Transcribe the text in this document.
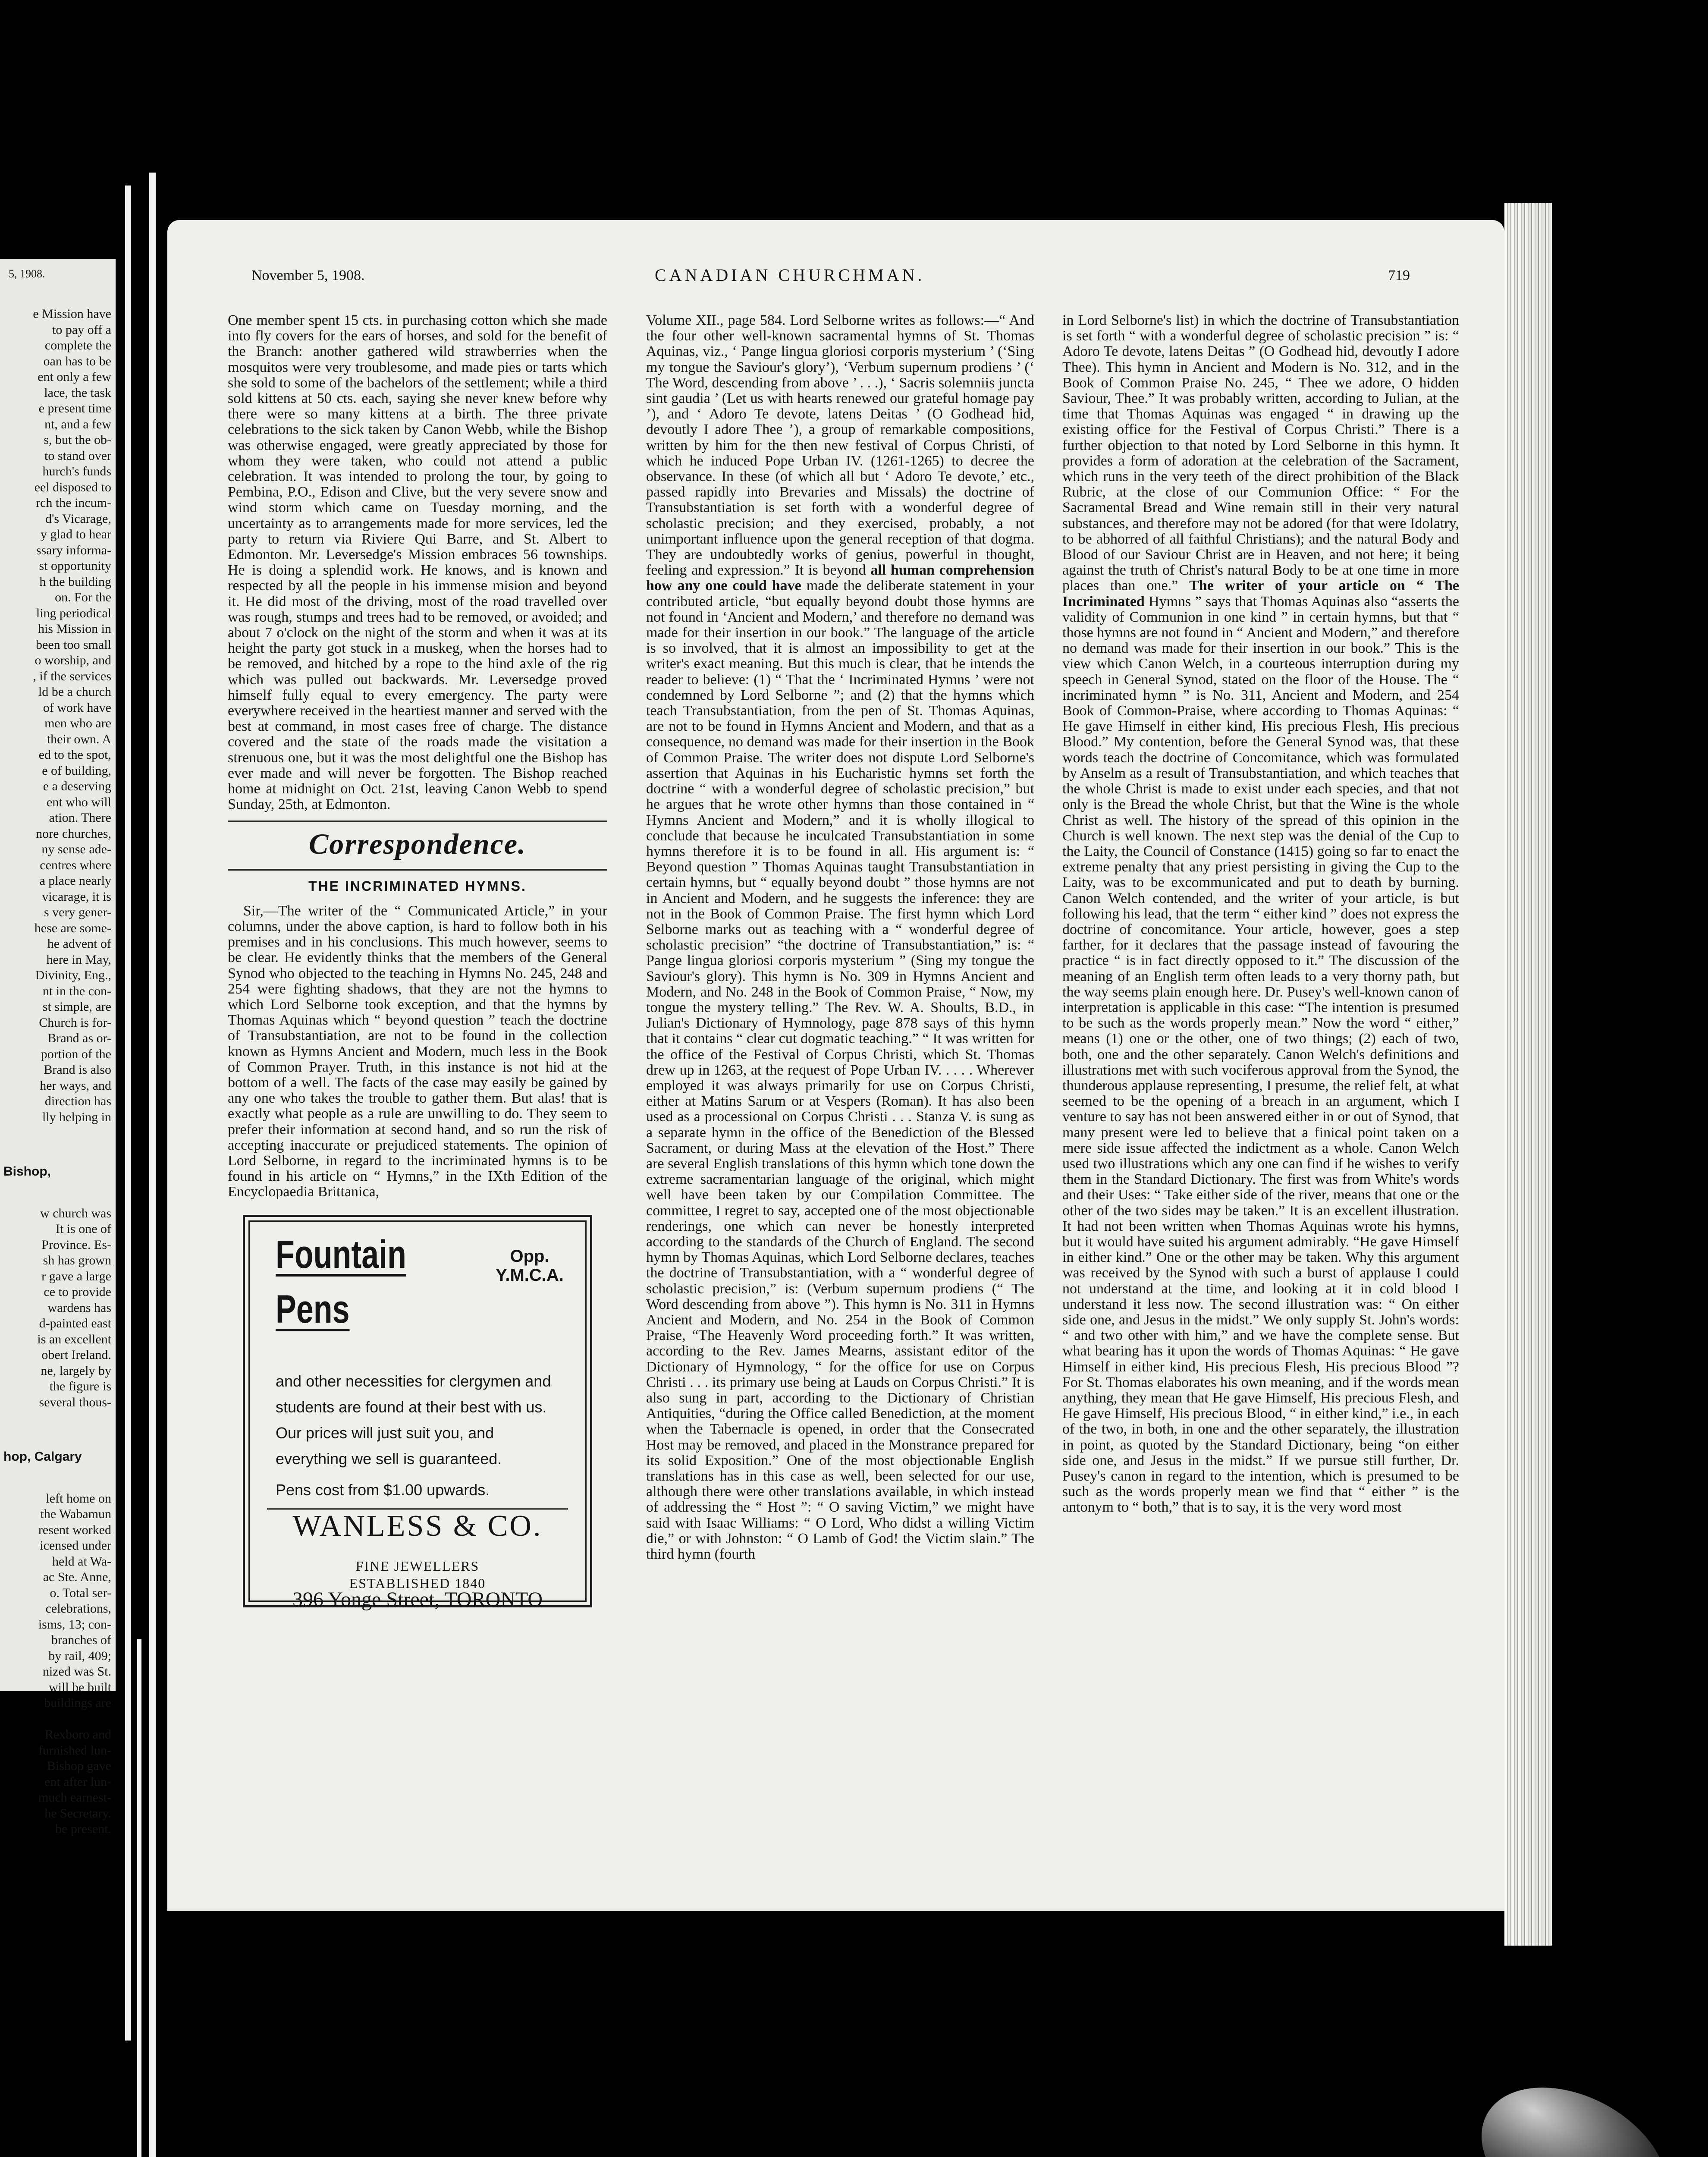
5, 1908.

e Mission have

to pay off a

complete the

oan has to be

ent only a few

lace, the task

e present time

nt, and a few

s, but the ob-

to stand over

hurch's funds

eel disposed to

rch the incum-

d's Vicarage,

y glad to hear

ssary informa-

st opportunity

h the building

on. For the

ling periodical

his Mission in

been too small

o worship, and

, if the services

ld be a church

of work have

men who are

their own. A

ed to the spot,

e of building,

e a deserving

ent who will

ation. There

nore churches,

ny sense ade-

centres where

a place nearly

vicarage, it is

s very gener-

hese are some-

he advent of

here in May,

Divinity, Eng.,

nt in the con-

st simple, are

Church is for-

Brand as or-

portion of the

Brand is also

her ways, and

direction has

lly helping in

Bishop,

w church was

It is one of

Province. Es-

sh has grown

r gave a large

ce to provide

wardens has

d-painted east

is an excellent

obert Ireland.

ne, largely by

the figure is

several thous-

hop, Calgary

left home on

the Wabamun

resent worked

icensed under

held at Wa-

ac Ste. Anne,

o. Total ser-

celebrations,

isms, 13; con-

branches of

by rail, 409;

nized was St.

will be built

buildings are

Rexboro and

furnished lun-

Bishop gave

ent after lun-

much earnest-

he Secretary.

be present.

November 5, 1908.	CANADIAN CHURCHMAN.	719

One member spent 15 cts. in purchasing cotton which she made into fly covers for the ears of horses, and sold for the benefit of the Branch: another gathered wild strawberries when the mosquitos were very troublesome, and made pies or tarts which she sold to some of the bachelors of the settlement; while a third sold kittens at 50 cts. each, saying she never knew before why there were so many kittens at a birth. The three private celebrations to the sick taken by Canon Webb, while the Bishop was otherwise engaged, were greatly appreciated by those for whom they were taken, who could not attend a public celebration. It was intended to prolong the tour, by going to Pembina, P.O., Edison and Clive, but the very severe snow and wind storm which came on Tuesday morning, and the uncertainty as to arrangements made for more services, led the party to return via Riviere Qui Barre, and St. Albert to Edmonton. Mr. Leversedge's Mission embraces 56 townships. He is doing a splendid work. He knows, and is known and respected by all the people in his immense mision and beyond it. He did most of the driving, most of the road travelled over was rough, stumps and trees had to be removed, or avoided; and about 7 o'clock on the night of the storm and when it was at its height the party got stuck in a muskeg, when the horses had to be removed, and hitched by a rope to the hind axle of the rig which was pulled out backwards. Mr. Leversedge proved himself fully equal to every emergency. The party were everywhere received in the heartiest manner and served with the best at command, in most cases free of charge. The distance covered and the state of the roads made the visitation a strenuous one, but it was the most delightful one the Bishop has ever made and will never be forgotten. The Bishop reached home at midnight on Oct. 21st, leaving Canon Webb to spend Sunday, 25th, at Edmonton.

Correspondence.
THE INCRIMINATED HYMNS.

Sir,—The writer of the “ Communicated Article,” in your columns, under the above caption, is hard to follow both in his premises and in his conclusions. This much however, seems to be clear. He evidently thinks that the members of the General Synod who objected to the teaching in Hymns No. 245, 248 and 254 were fighting shadows, that they are not the hymns to which Lord Selborne took exception, and that the hymns by Thomas Aquinas which “ beyond question ” teach the doctrine of Transubstantiation, are not to be found in the collection known as Hymns Ancient and Modern, much less in the Book of Common Prayer. Truth, in this instance is not hid at the bottom of a well. The facts of the case may easily be gained by any one who takes the trouble to gather them. But alas! that is exactly what people as a rule are unwilling to do. They seem to prefer their information at second hand, and so run the risk of accepting inaccurate or prejudiced statements. The opinion of Lord Selborne, in regard to the incriminated hymns is to be found in his article on “ Hymns,” in the IXth Edition of the Encyclopaedia Brittanica,

Fountain	Opp. Y.M.C.A.
Pens
and other necessities for clergymen and students are found at their best with us. Our prices will just suit you, and everything we sell is guaranteed.
Pens cost from $1.00 upwards.
WANLESS & CO.
FINE JEWELLERS
ESTABLISHED 1840
396 Yonge Street, TORONTO

Volume XII., page 584. Lord Selborne writes as follows:—“ And the four other well-known sacramental hymns of St. Thomas Aquinas, viz., ‘ Pange lingua gloriosi corporis mysterium ’ (‘Sing my tongue the Saviour's glory’), ‘Verbum supernum prodiens ’ (‘ The Word, descending from above ’ . . .), ‘ Sacris solemniis juncta sint gaudia ’ (Let us with hearts renewed our grateful homage pay ’), and ‘ Adoro Te devote, latens Deitas ’ (O Godhead hid, devoutly I adore Thee ’), a group of remarkable compositions, written by him for the then new festival of Corpus Christi, of which he induced Pope Urban IV. (1261-1265) to decree the observance. In these (of which all but ‘ Adoro Te devote,’ etc., passed rapidly into Brevaries and Missals) the doctrine of Transubstantiation is set forth with a wonderful degree of scholastic precision; and they exercised, probably, a not unimportant influence upon the general reception of that dogma. They are undoubtedly works of genius, powerful in thought, feeling and expression.” It is beyond all human comprehension how any one could have made the deliberate statement in your contributed article, “but equally beyond doubt those hymns are not found in ‘Ancient and Modern,’ and therefore no demand was made for their insertion in our book.” The language of the article is so involved, that it is almost an impossibility to get at the writer's exact meaning. But this much is clear, that he intends the reader to believe: (1) “ That the ‘ Incriminated Hymns ’ were not condemned by Lord Selborne ”; and (2) that the hymns which teach Transubstantiation, from the pen of St. Thomas Aquinas, are not to be found in Hymns Ancient and Modern, and that as a consequence, no demand was made for their insertion in the Book of Common Praise. The writer does not dispute Lord Selborne's assertion that Aquinas in his Eucharistic hymns set forth the doctrine “ with a wonderful degree of scholastic precision,” but he argues that he wrote other hymns than those contained in “ Hymns Ancient and Modern,” and it is wholly illogical to conclude that because he inculcated Transubstantiation in some hymns therefore it is to be found in all. His argument is: “ Beyond question ” Thomas Aquinas taught Transubstantiation in certain hymns, but “ equally beyond doubt ” those hymns are not in Ancient and Modern, and he suggests the inference: they are not in the Book of Common Praise. The first hymn which Lord Selborne marks out as teaching with a “ wonderful degree of scholastic precision” “the doctrine of Transubstantiation,” is: “ Pange lingua gloriosi corporis mysterium ” (Sing my tongue the Saviour's glory). This hymn is No. 309 in Hymns Ancient and Modern, and No. 248 in the Book of Common Praise, “ Now, my tongue the mystery telling.” The Rev. W. A. Shoults, B.D., in Julian's Dictionary of Hymnology, page 878 says of this hymn that it contains “ clear cut dogmatic teaching.” “ It was written for the office of the Festival of Corpus Christi, which St. Thomas drew up in 1263, at the request of Pope Urban IV. . . . . Wherever employed it was always primarily for use on Corpus Christi, either at Matins Sarum or at Vespers (Roman). It has also been used as a processional on Corpus Christi . . . Stanza V. is sung as a separate hymn in the office of the Benediction of the Blessed Sacrament, or during Mass at the elevation of the Host.” There are several English translations of this hymn which tone down the extreme sacramentarian language of the original, which might well have been taken by our Compilation Committee. The committee, I regret to say, accepted one of the most objectionable renderings, one which can never be honestly interpreted according to the standards of the Church of England. The second hymn by Thomas Aquinas, which Lord Selborne declares, teaches the doctrine of Transubstantiation, with a “ wonderful degree of scholastic precision,” is: (Verbum supernum prodiens (“ The Word descending from above ”). This hymn is No. 311 in Hymns Ancient and Modern, and No. 254 in the Book of Common Praise, “The Heavenly Word proceeding forth.” It was written, according to the Rev. James Mearns, assistant editor of the Dictionary of Hymnology, “ for the office for use on Corpus Christi . . . its primary use being at Lauds on Corpus Christi.” It is also sung in part, according to the Dictionary of Christian Antiquities, “during the Office called Benediction, at the moment when the Tabernacle is opened, in order that the Consecrated Host may be removed, and placed in the Monstrance prepared for its solid Exposition.” One of the most objectionable English translations has in this case as well, been selected for our use, although there were other translations available, in which instead of addressing the “ Host ”: “ O saving Victim,” we might have said with Isaac Williams: “ O Lord, Who didst a willing Victim die,” or with Johnston: “ O Lamb of God! the Victim slain.” The third hymn (fourth

in Lord Selborne's list) in which the doctrine of Transubstantiation is set forth “ with a wonderful degree of scholastic precision ” is: “ Adoro Te devote, latens Deitas ” (O Godhead hid, devoutly I adore Thee). This hymn in Ancient and Modern is No. 312, and in the Book of Common Praise No. 245, “ Thee we adore, O hidden Saviour, Thee.” It was probably written, according to Julian, at the time that Thomas Aquinas was engaged “ in drawing up the existing office for the Festival of Corpus Christi.” There is a further objection to that noted by Lord Selborne in this hymn. It provides a form of adoration at the celebration of the Sacrament, which runs in the very teeth of the direct prohibition of the Black Rubric, at the close of our Communion Office: “ For the Sacramental Bread and Wine remain still in their very natural substances, and therefore may not be adored (for that were Idolatry, to be abhorred of all faithful Christians); and the natural Body and Blood of our Saviour Christ are in Heaven, and not here; it being against the truth of Christ's natural Body to be at one time in more places than one.” The writer of your article on “ The Incriminated Hymns ” says that Thomas Aquinas also “asserts the validity of Communion in one kind ” in certain hymns, but that “ those hymns are not found in “ Ancient and Modern,” and therefore no demand was made for their insertion in our book.” This is the view which Canon Welch, in a courteous interruption during my speech in General Synod, stated on the floor of the House. The “ incriminated hymn ” is No. 311, Ancient and Modern, and 254 Book of Common-Praise, where according to Thomas Aquinas: “ He gave Himself in either kind, His precious Flesh, His precious Blood.” My contention, before the General Synod was, that these words teach the doctrine of Concomitance, which was formulated by Anselm as a result of Transubstantiation, and which teaches that the whole Christ is made to exist under each species, and that not only is the Bread the whole Christ, but that the Wine is the whole Christ as well. The history of the spread of this opinion in the Church is well known. The next step was the denial of the Cup to the Laity, the Council of Constance (1415) going so far to enact the extreme penalty that any priest persisting in giving the Cup to the Laity, was to be excommunicated and put to death by burning. Canon Welch contended, and the writer of your article, is but following his lead, that the term “ either kind ” does not express the doctrine of concomitance. Your article, however, goes a step farther, for it declares that the passage instead of favouring the practice “ is in fact directly opposed to it.” The discussion of the meaning of an English term often leads to a very thorny path, but the way seems plain enough here. Dr. Pusey's well-known canon of interpretation is applicable in this case: “The intention is presumed to be such as the words properly mean.” Now the word “ either,” means (1) one or the other, one of two things; (2) each of two, both, one and the other separately. Canon Welch's definitions and illustrations met with such vociferous approval from the Synod, the thunderous applause representing, I presume, the relief felt, at what seemed to be the opening of a breach in an argument, which I venture to say has not been answered either in or out of Synod, that many present were led to believe that a finical point taken on a mere side issue affected the indictment as a whole. Canon Welch used two illustrations which any one can find if he wishes to verify them in the Standard Dictionary. The first was from White's words and their Uses: “ Take either side of the river, means that one or the other of the two sides may be taken.” It is an excellent illustration. It had not been written when Thomas Aquinas wrote his hymns, but it would have suited his argument admirably. “He gave Himself in either kind.” One or the other may be taken. Why this argument was received by the Synod with such a burst of applause I could not understand at the time, and looking at it in cold blood I understand it less now. The second illustration was: “ On either side one, and Jesus in the midst.” We only supply St. John's words: “ and two other with him,” and we have the complete sense. But what bearing has it upon the words of Thomas Aquinas: “ He gave Himself in either kind, His precious Flesh, His precious Blood ”? For St. Thomas elaborates his own meaning, and if the words mean anything, they mean that He gave Himself, His precious Flesh, and He gave Himself, His precious Blood, “ in either kind,” i.e., in each of the two, in both, in one and the other separately, the illustration in point, as quoted by the Standard Dictionary, being “on either side one, and Jesus in the midst.” If we pursue still further, Dr. Pusey's canon in regard to the intention, which is presumed to be such as the words properly mean we find that “ either ” is the antonym to “ both,” that is to say, it is the very word most
